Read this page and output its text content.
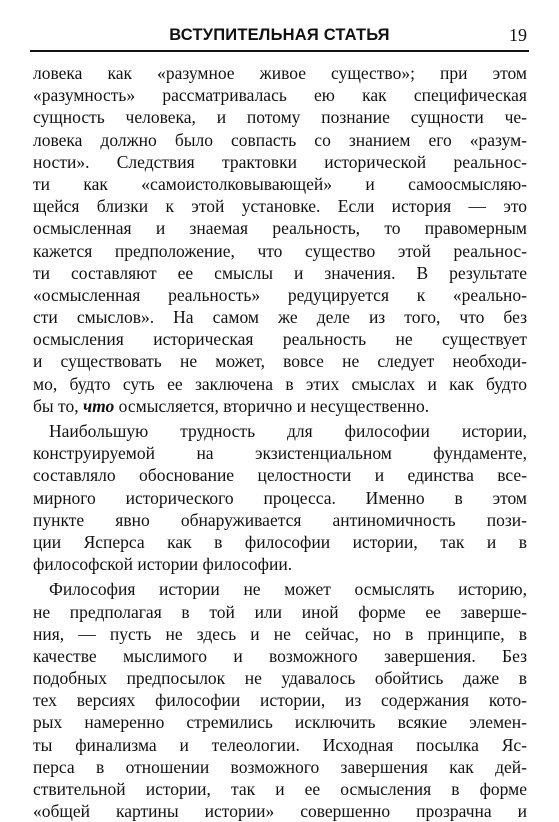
ВСТУПИТЕЛЬНАЯ СТАТЬЯ	19
ловека как «разумное живое существо»; при этом
«разумность» рассматривалась ею как специфическая
сущность человека, и потому познание сущности че-
ловека должно было совпасть со знанием его «разум-
ности». Следствия трактовки исторической реальнос-
ти как «самоистолковывающей» и самоосмысляю-
щейся близки к этой установке. Если история — это
осмысленная и знаемая реальность, то правомерным
кажется предположение, что существо этой реальнос-
ти составляют ее смыслы и значения. В результате
«осмысленная реальность» редуцируется к «реально-
сти смыслов». На самом же деле из того, что без
осмысления историческая реальность не существует
и существовать не может, вовсе не следует необходи-
мо, будто суть ее заключена в этих смыслах и как будто
бы то, что осмысляется, вторично и несущественно.
Наибольшую трудность для философии истории,
конструируемой на экзистенциальном фундаменте,
составляло обоснование целостности и единства все-
мирного исторического процесса. Именно в этом
пункте явно обнаруживается антиномичность пози-
ции Ясперса как в философии истории, так и в
философской истории философии.
Философия истории не может осмыслять историю,
не предполагая в той или иной форме ее заверше-
ния, — пусть не здесь и не сейчас, но в принципе, в
качестве мыслимого и возможного завершения. Без
подобных предпосылок не удавалось обойтись даже в
тех версиях философии истории, из содержания кото-
рых намеренно стремились исключить всякие элемен-
ты финализма и телеологии. Исходная посылка Яс-
перса в отношении возможного завершения как дей-
ствительной истории, так и ее осмысления в форме
«общей картины истории» совершенно прозрачна и
